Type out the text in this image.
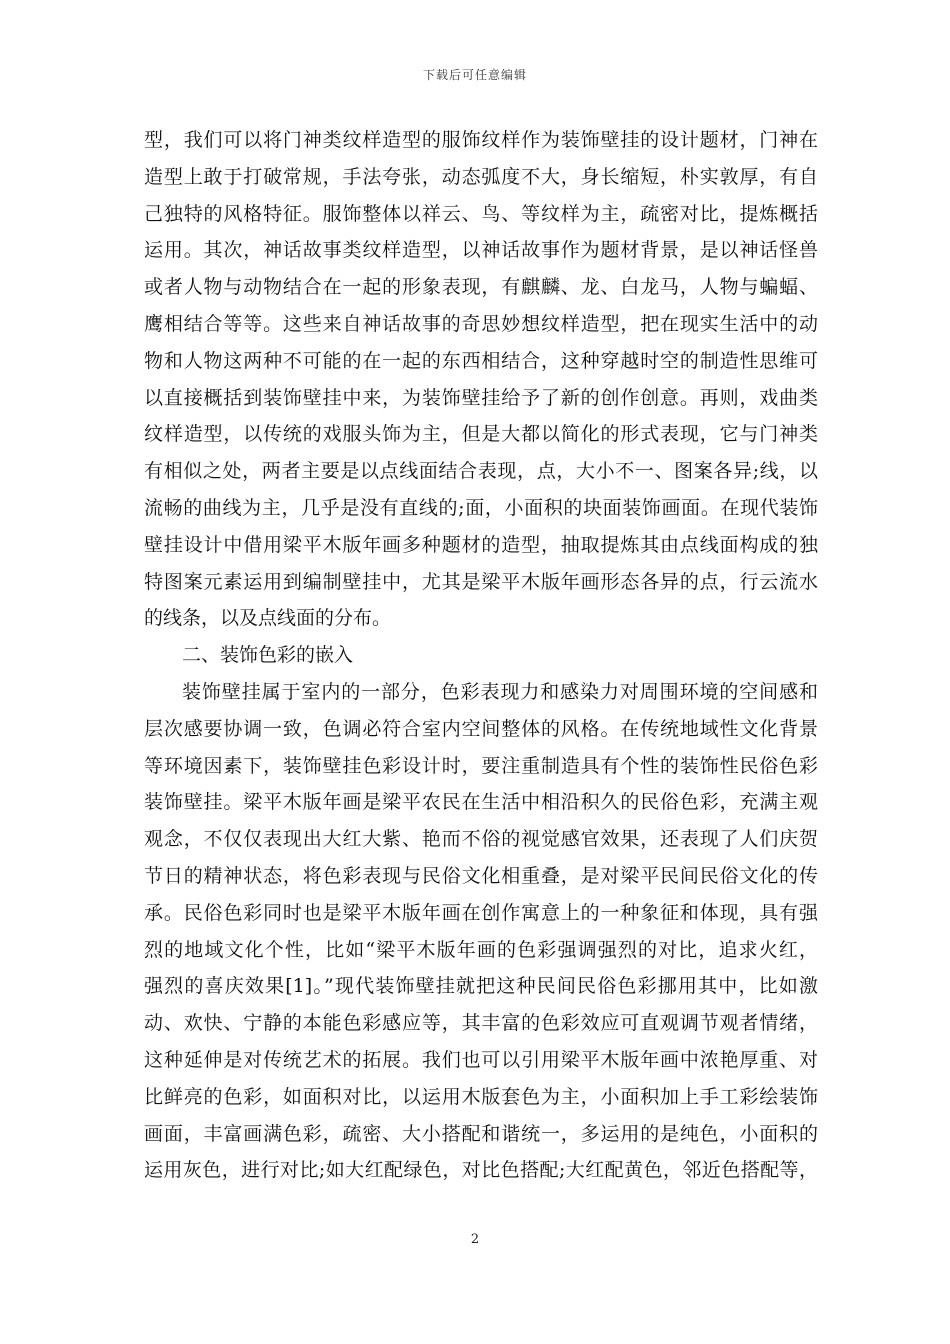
下载后可任意编辑
型，我们可以将门神类纹样造型的服饰纹样作为装饰壁挂的设计题材，门神在
造型上敢于打破常规，手法夸张，动态弧度不大，身长缩短，朴实敦厚，有自
己独特的风格特征。服饰整体以祥云、鸟、等纹样为主，疏密对比，提炼概括
运用。其次，神话故事类纹样造型，以神话故事作为题材背景，是以神话怪兽
或者人物与动物结合在一起的形象表现，有麒麟、龙、白龙马，人物与蝙蝠、
鹰相结合等等。这些来自神话故事的奇思妙想纹样造型，把在现实生活中的动
物和人物这两种不可能的在一起的东西相结合，这种穿越时空的制造性思维可
以直接概括到装饰壁挂中来，为装饰壁挂给予了新的创作创意。再则，戏曲类
纹样造型，以传统的戏服头饰为主，但是大都以简化的形式表现，它与门神类
有相似之处，两者主要是以点线面结合表现，点，大小不一、图案各异;线，以
流畅的曲线为主，几乎是没有直线的;面，小面积的块面装饰画面。在现代装饰
壁挂设计中借用梁平木版年画多种题材的造型，抽取提炼其由点线面构成的独
特图案元素运用到编制壁挂中，尤其是梁平木版年画形态各异的点，行云流水
的线条，以及点线面的分布。
二、装饰色彩的嵌入
装饰壁挂属于室内的一部分，色彩表现力和感染力对周围环境的空间感和
层次感要协调一致，色调必符合室内空间整体的风格。在传统地域性文化背景
等环境因素下，装饰壁挂色彩设计时，要注重制造具有个性的装饰性民俗色彩
装饰壁挂。梁平木版年画是梁平农民在生活中相沿积久的民俗色彩，充满主观
观念，不仅仅表现出大红大紫、艳而不俗的视觉感官效果，还表现了人们庆贺
节日的精神状态，将色彩表现与民俗文化相重叠，是对梁平民间民俗文化的传
承。民俗色彩同时也是梁平木版年画在创作寓意上的一种象征和体现，具有强
烈的地域文化个性，比如“梁平木版年画的色彩强调强烈的对比，追求火红，
强烈的喜庆效果[1]。”现代装饰壁挂就把这种民间民俗色彩挪用其中，比如激
动、欢快、宁静的本能色彩感应等，其丰富的色彩效应可直观调节观者情绪，
这种延伸是对传统艺术的拓展。我们也可以引用梁平木版年画中浓艳厚重、对
比鲜亮的色彩，如面积对比，以运用木版套色为主，小面积加上手工彩绘装饰
画面，丰富画满色彩，疏密、大小搭配和谐统一，多运用的是纯色，小面积的
运用灰色，进行对比;如大红配绿色，对比色搭配;大红配黄色，邻近色搭配等，
2
